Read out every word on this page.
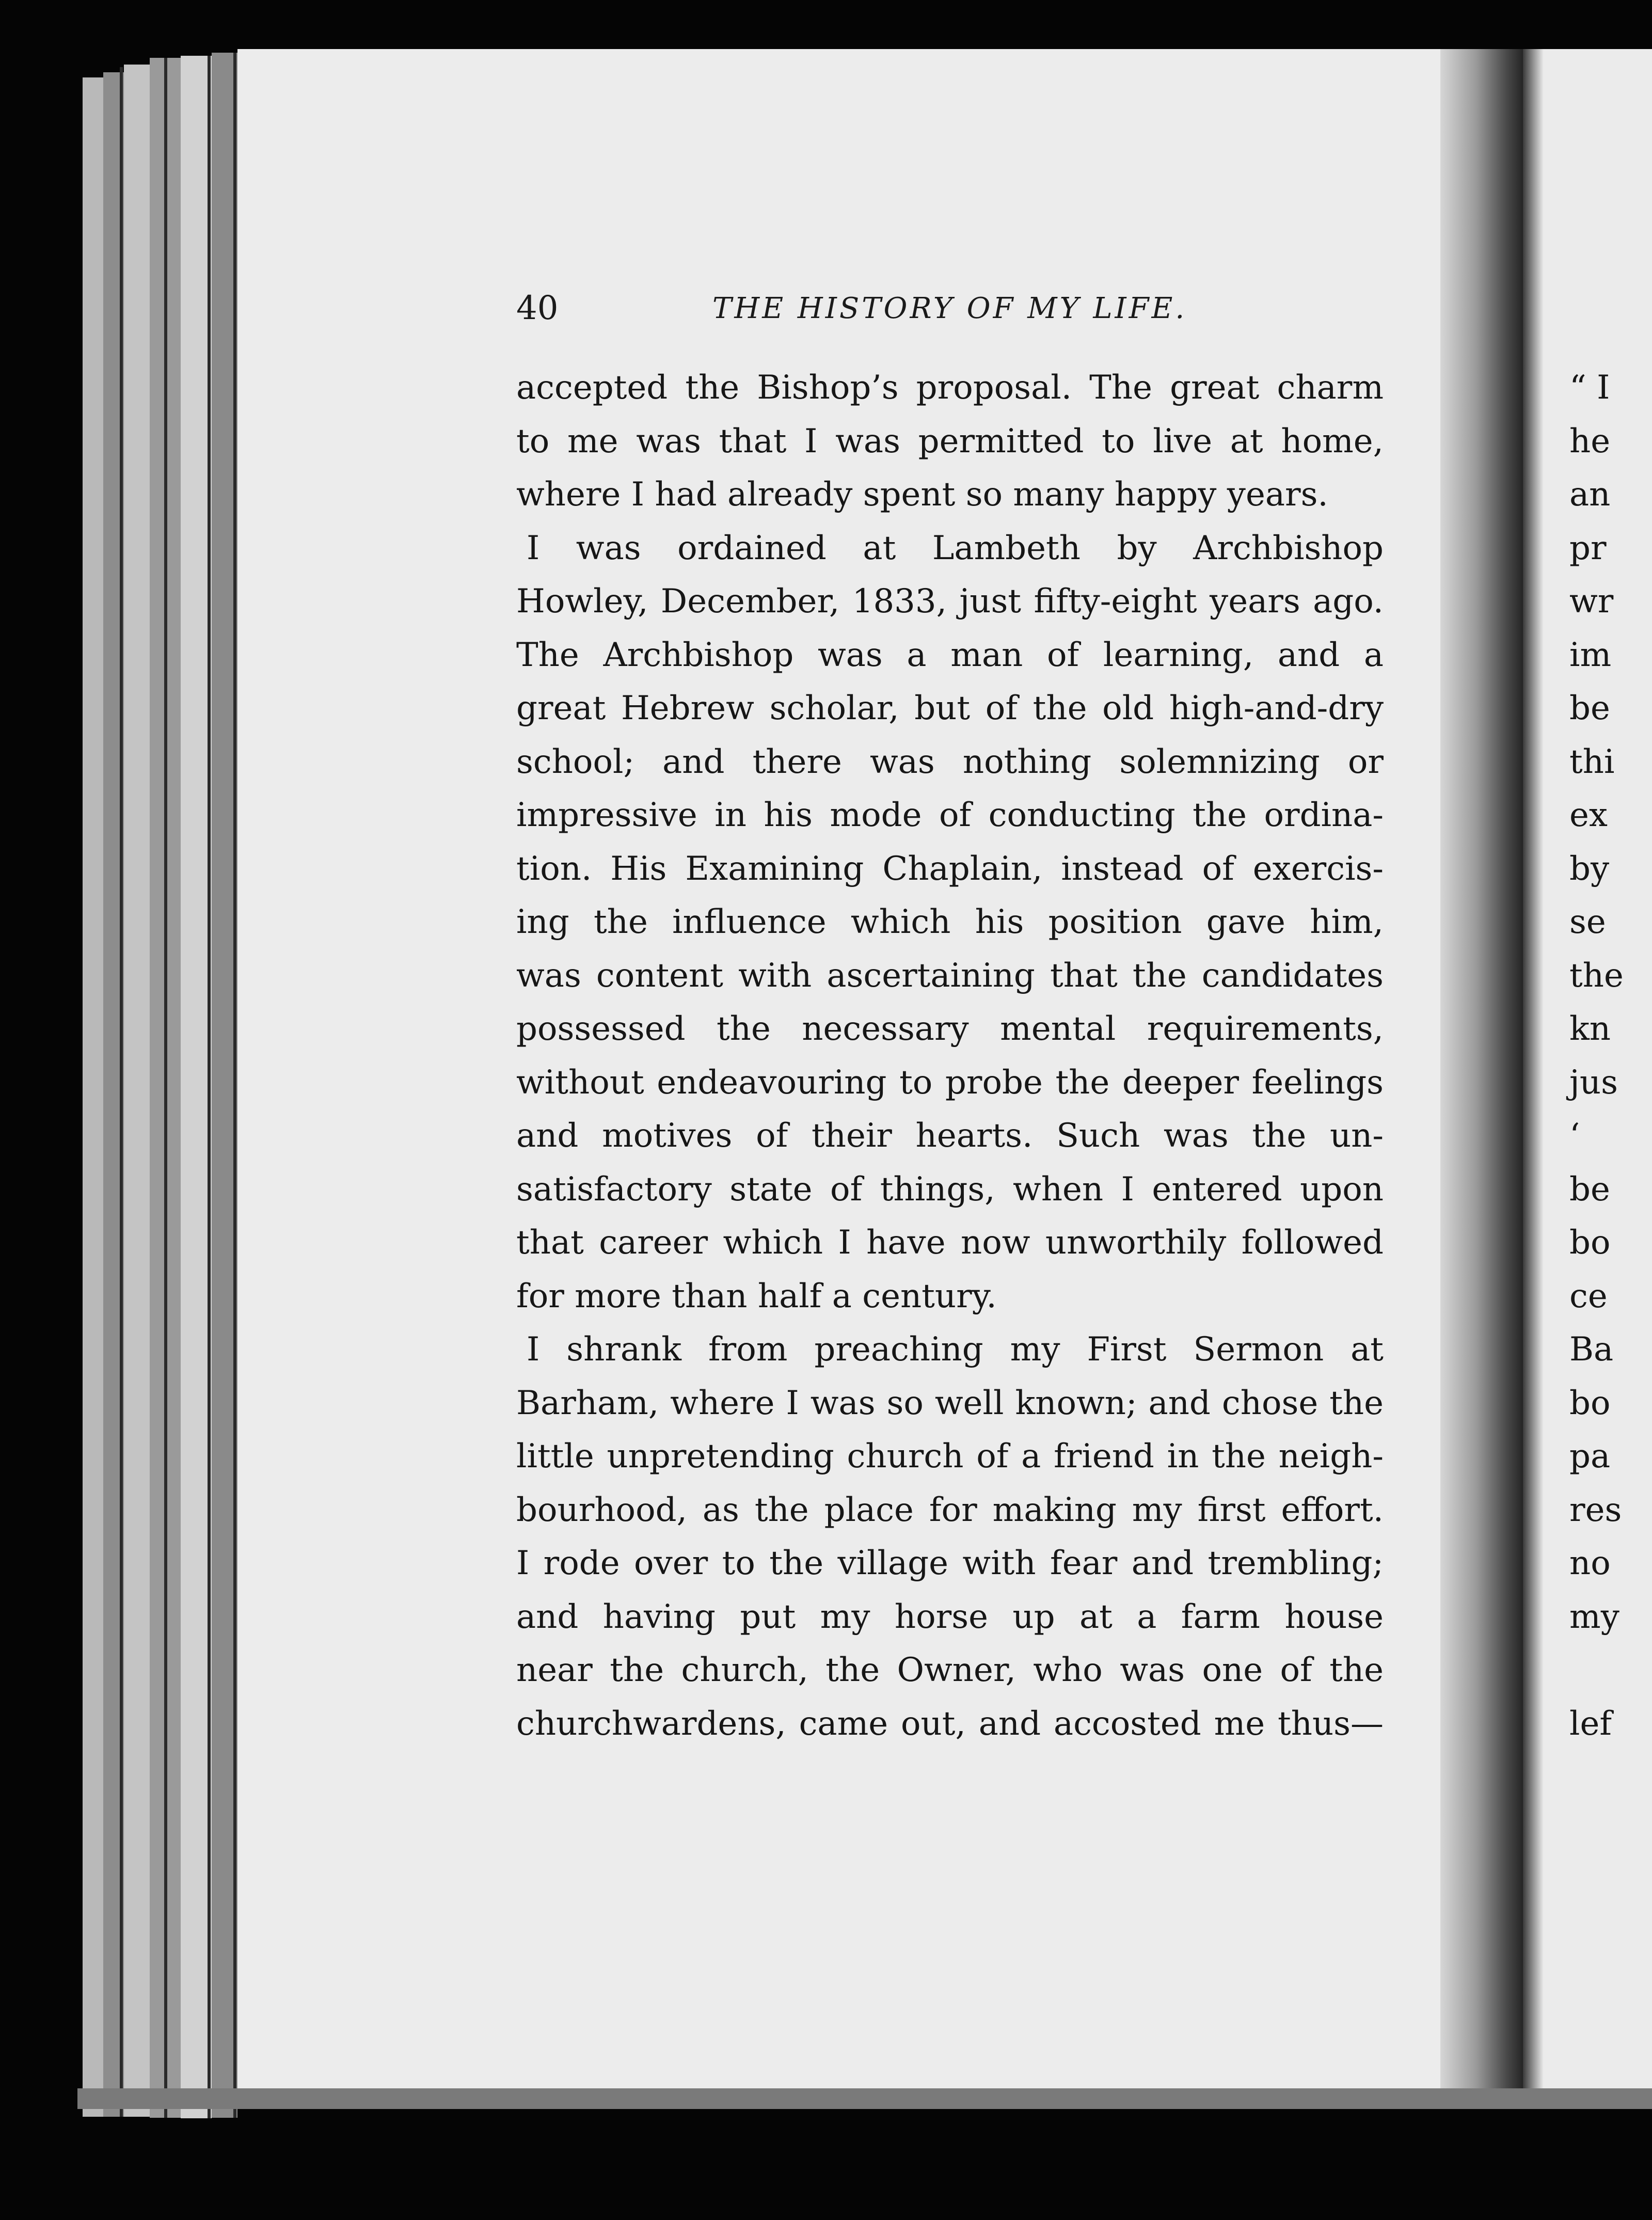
40	THE HISTORY OF MY LIFE.
accepted the Bishop’s proposal. The great charm
to me was that I was permitted to live at home,
where I had already spent so many happy years.
I was ordained at Lambeth by Archbishop
Howley, December, 1833, just fifty-eight years ago.
The Archbishop was a man of learning, and a
great Hebrew scholar, but of the old high-and-dry
school; and there was nothing solemnizing or
impressive in his mode of conducting the ordina-
tion. His Examining Chaplain, instead of exercis-
ing the influence which his position gave him,
was content with ascertaining that the candidates
possessed the necessary mental requirements,
without endeavouring to probe the deeper feelings
and motives of their hearts. Such was the un-
satisfactory state of things, when I entered upon
that career which I have now unworthily followed
for more than half a century.
I shrank from preaching my First Sermon at
Barham, where I was so well known; and chose the
little unpretending church of a friend in the neigh-
bourhood, as the place for making my first effort.
I rode over to the village with fear and trembling;
and having put my horse up at a farm house
near the church, the Owner, who was one of the
churchwardens, came out, and accosted me thus—
“ I
he
an
pr
wr
im
be
thi
ex
by
se
the
kn
jus
‘
be
bo
ce
Ba
bo
pa
res
no
my
lef
